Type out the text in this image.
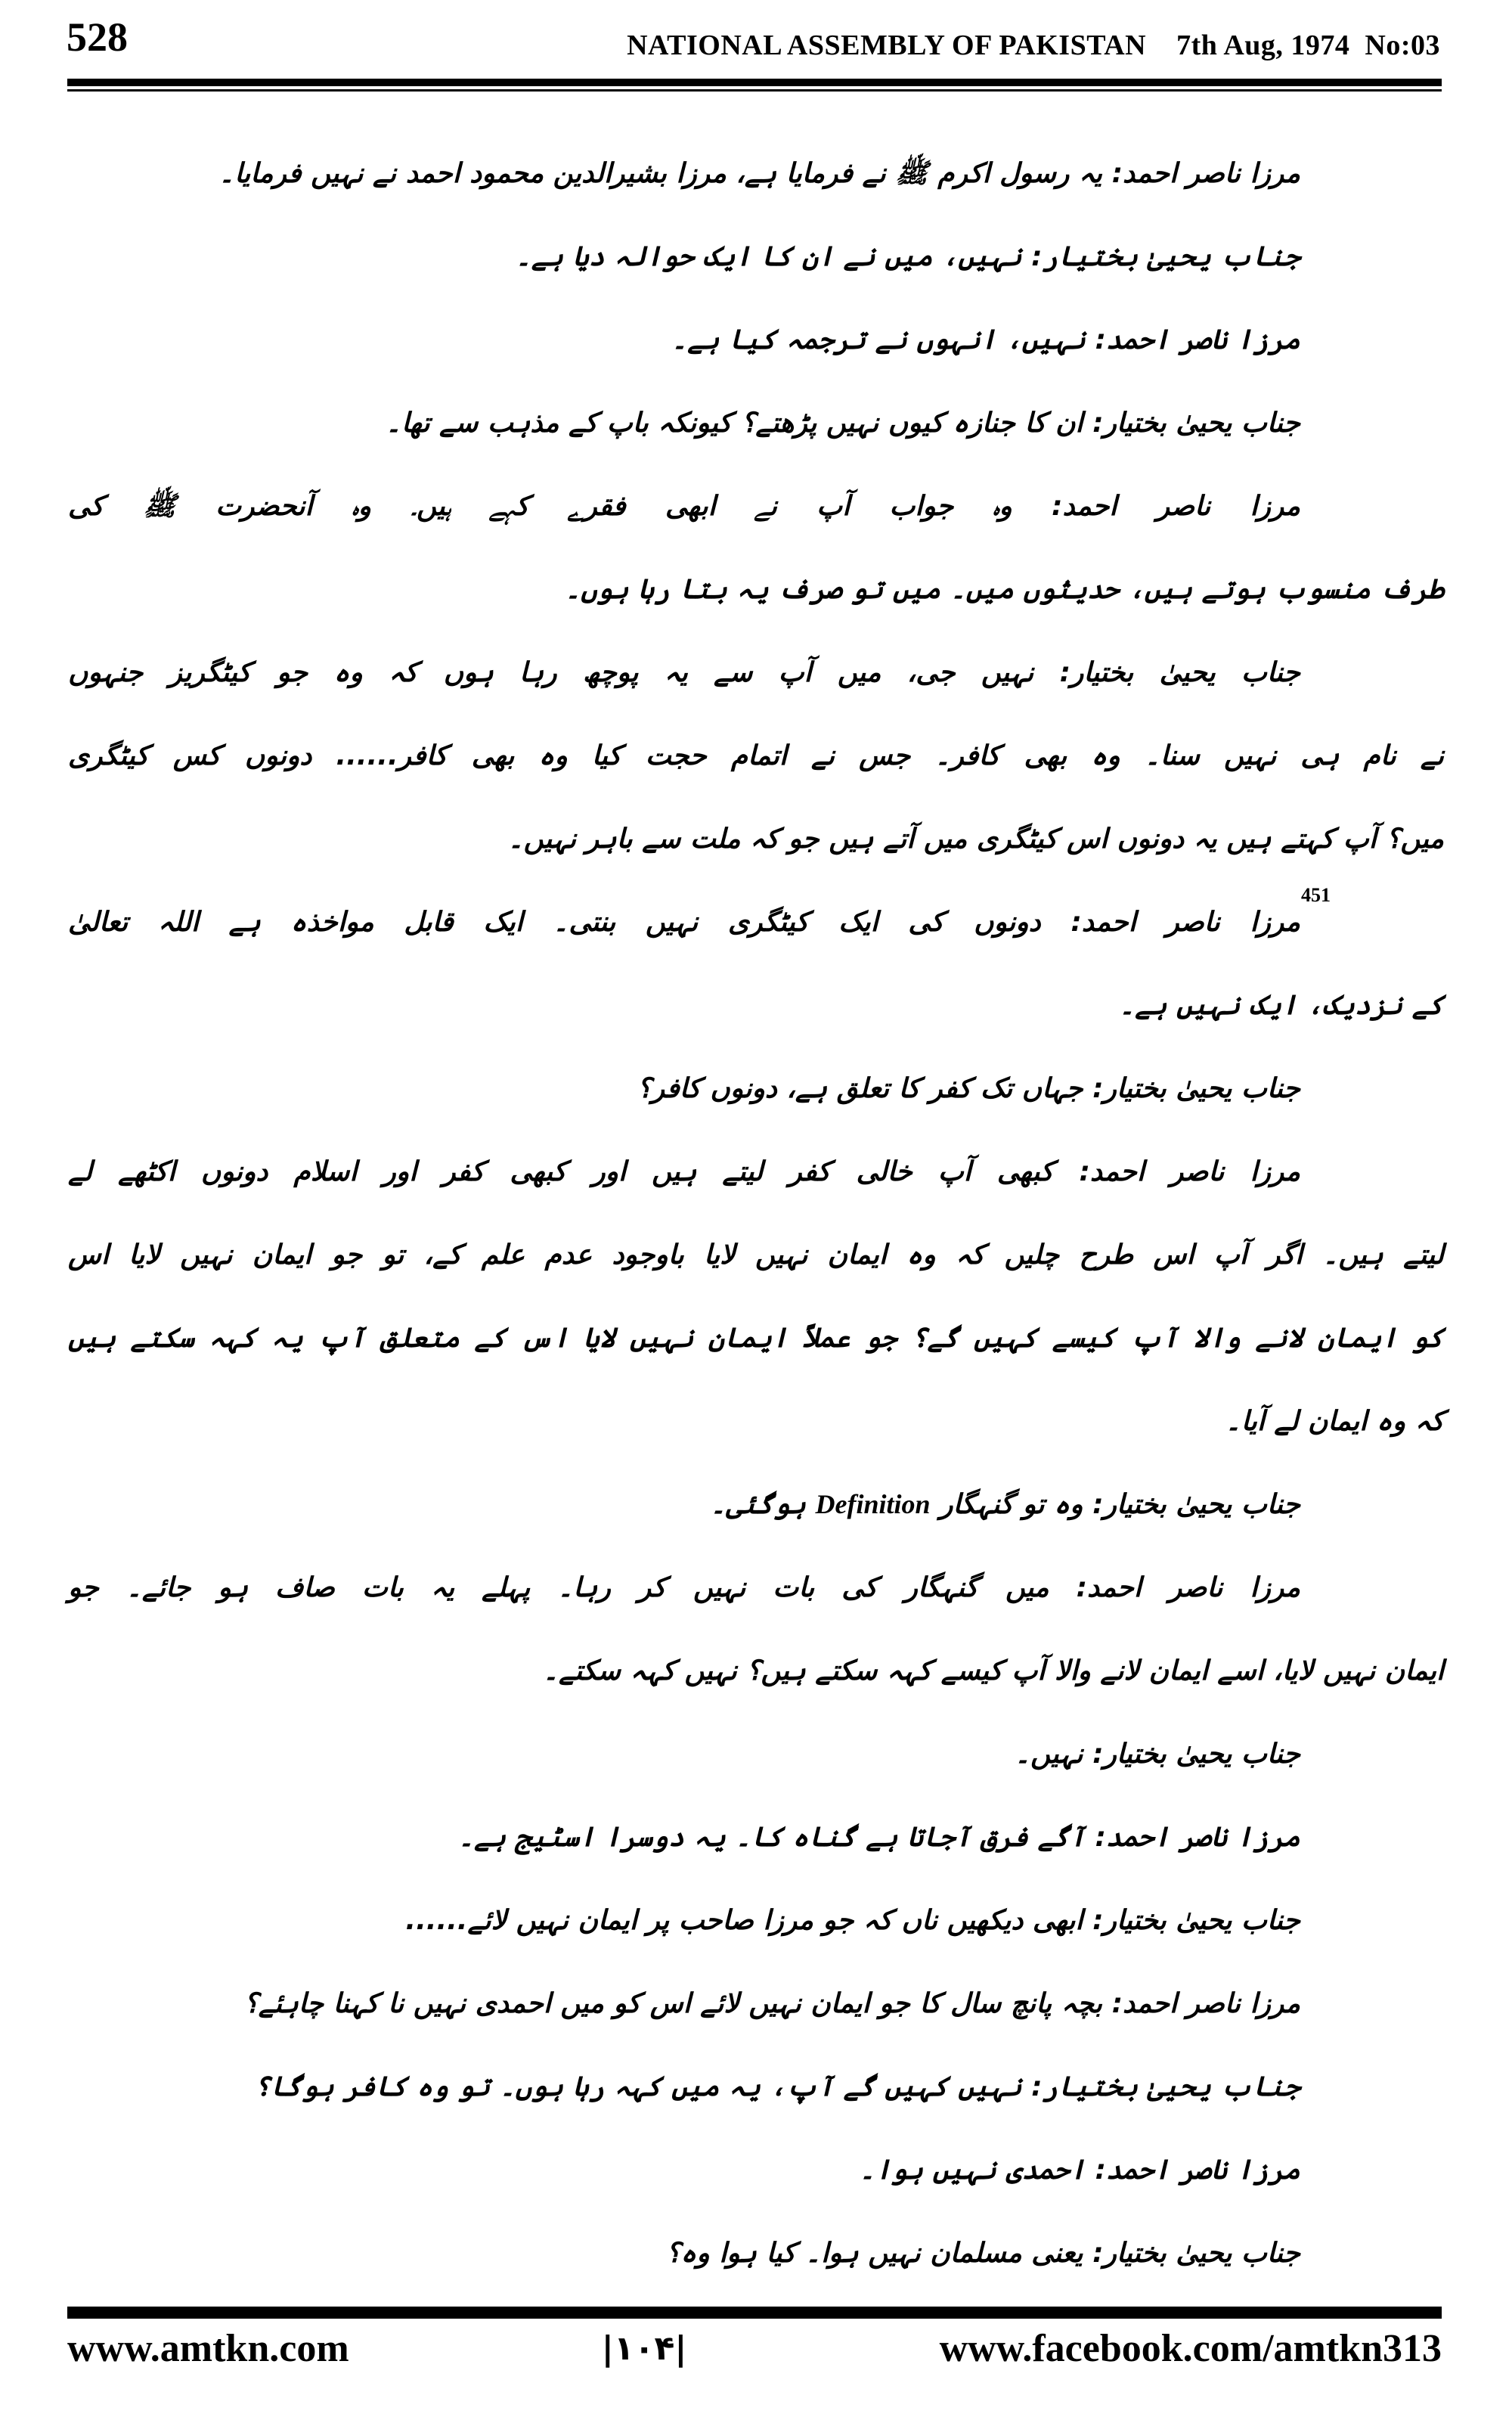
528	NATIONAL ASSEMBLY OF PAKISTAN    7th Aug, 1974  No:03
مرزا ناصر احمد: یہ رسول اکرم ﷺ نے فرمایا ہے، مرزا بشیرالدین محمود احمد نے نہیں فرمایا۔
جناب یحییٰ بختیار: نہیں، میں نے ان کا ایک حوالہ دیا ہے۔
مرزا ناصر احمد: نہیں، انہوں نے ترجمہ کیا ہے۔
جناب یحییٰ بختیار: ان کا جنازہ کیوں نہیں پڑھتے؟ کیونکہ باپ کے مذہب سے تھا۔
مرزا ناصر احمد: وہ جواب آپ نے ابھی فقرے کہے ہیں۔ وہ آنحضرت ﷺ کی
طرف منسوب ہوتے ہیں، حدیثوں میں۔ میں تو صرف یہ بتا رہا ہوں۔
جناب یحییٰ بختیار: نہیں جی، میں آپ سے یہ پوچھ رہا ہوں کہ وہ جو کیٹگریز جنہوں
نے نام ہی نہیں سنا۔ وہ بھی کافر۔ جس نے اتمام حجت کیا وہ بھی کافر...... دونوں کس کیٹگری
میں؟ آپ کہتے ہیں یہ دونوں اس کیٹگری میں آتے ہیں جو کہ ملت سے باہر نہیں۔
مرزا ناصر احمد: دونوں کی ایک کیٹگری نہیں بنتی۔ ایک قابل مواخذہ ہے اللہ تعالیٰ
451
کے نزدیک، ایک نہیں ہے۔
جناب یحییٰ بختیار: جہاں تک کفر کا تعلق ہے، دونوں کافر؟
مرزا ناصر احمد: کبھی آپ خالی کفر لیتے ہیں اور کبھی کفر اور اسلام دونوں اکٹھے لے
لیتے ہیں۔ اگر آپ اس طرح چلیں کہ وہ ایمان نہیں لایا باوجود عدم علم کے، تو جو ایمان نہیں لایا اس
کو ایمان لانے والا آپ کیسے کہیں گے؟ جو عملاً ایمان نہیں لایا اس کے متعلق آپ یہ کہہ سکتے ہیں
کہ وہ ایمان لے آیا۔
جناب یحییٰ بختیار: وہ تو گنہگار Definition ہوگئی۔
مرزا ناصر احمد: میں گنہگار کی بات نہیں کر رہا۔ پہلے یہ بات صاف ہو جائے۔ جو
ایمان نہیں لایا، اسے ایمان لانے والا آپ کیسے کہہ سکتے ہیں؟ نہیں کہہ سکتے۔
جناب یحییٰ بختیار: نہیں۔
مرزا ناصر احمد: آگے فرق آجاتا ہے گناہ کا۔ یہ دوسرا اسٹیج ہے۔
جناب یحییٰ بختیار: ابھی دیکھیں ناں کہ جو مرزا صاحب پر ایمان نہیں لائے......
مرزا ناصر احمد: بچہ پانچ سال کا جو ایمان نہیں لائے اس کو میں احمدی نہیں نا کہنا چاہئے؟
جناب یحییٰ بختیار: نہیں کہیں گے آپ، یہ میں کہہ رہا ہوں۔ تو وہ کافر ہوگا؟
مرزا ناصر احمد: احمدی نہیں ہوا۔
جناب یحییٰ بختیار: یعنی مسلمان نہیں ہوا۔ کیا ہوا وہ؟
www.amtkn.com	|۱۰۴|	www.facebook.com/amtkn313
